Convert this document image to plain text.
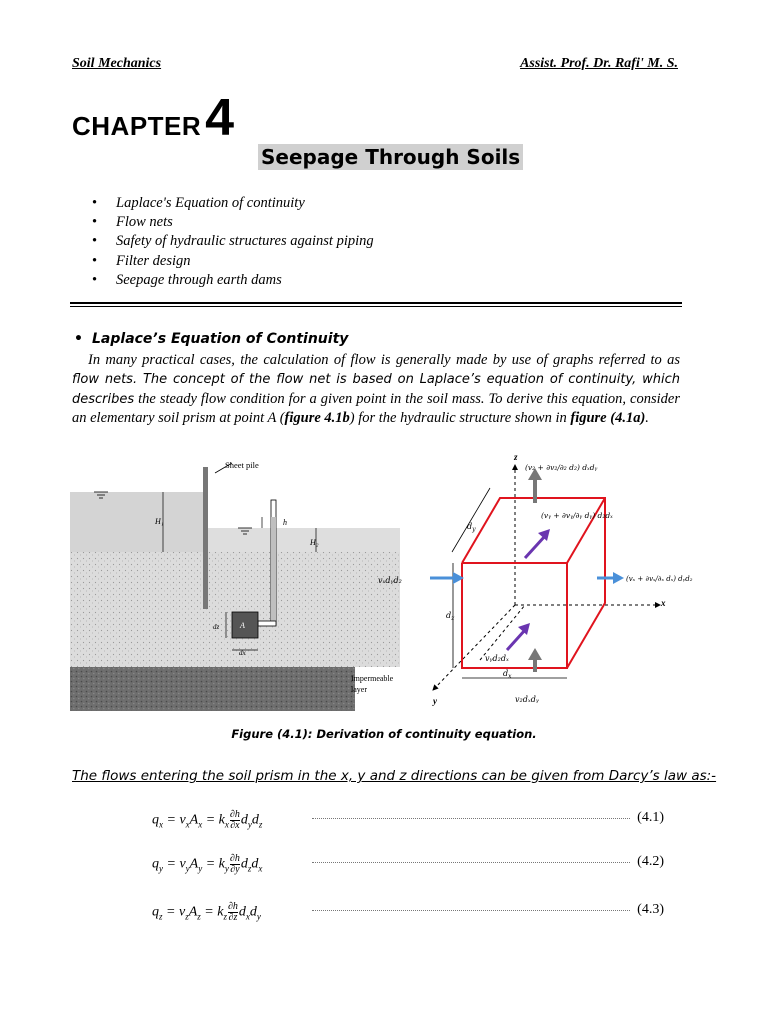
Soil Mechanics	Assist. Prof. Dr. Rafi' M. S.
CHAPTER4
Seepage Through Soils
• Laplace's Equation of continuity
• Flow nets
• Safety of hydraulic structures against piping
• Filter design
• Seepage through earth dams
• Laplace’s Equation of Continuity

In many practical cases, the calculation of flow is generally made by use of graphs referred to as flow nets. The concept of the flow net is based on Laplace’s equation of continuity, which describes the steady flow condition for a given point in the soil mass. To derive this equation, consider an elementary soil prism at point A (figure 4.1b) for the hydraulic structure shown in figure (4.1a).

Sheet pile
H₁
H₂
h
A
dz
dx
Impermeable
layer
z
x
y
$d_z$
$d_y$
$d_x$
(v₂ + ∂v₂/∂₂ d₂) dₓdᵧ
(vᵧ + ∂vᵧ/∂ᵧ dᵧ) d₂dₓ
(vₓ + ∂vₓ/∂ₓ dₓ) dᵧd₂
vₓdᵧd₂
vᵧd₂dₓ
v₂dₓdᵧ
Figure (4.1): Derivation of continuity equation.
The flows entering the soil prism in the x, y and z directions can be given from Darcy’s law as:-
$q_x = v_xA_x = k_x \frac{\partial h}{\partial x} d_yd_z$	(4.1)
$q_y = v_yA_y = k_y \frac{\partial h}{\partial y} d_zd_x$	(4.2)
$q_z = v_zA_z = k_z \frac{\partial h}{\partial z} d_xd_y$	(4.3)
